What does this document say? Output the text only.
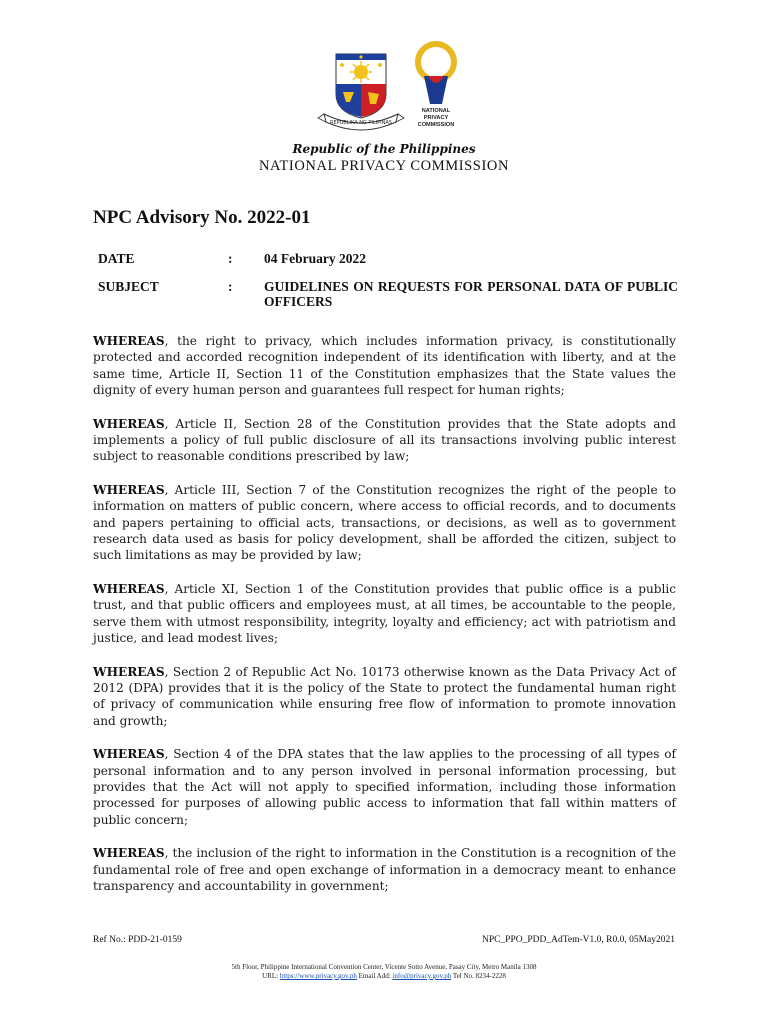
REPUBLIKA NG PILIPINAS
NATIONAL
PRIVACY
COMMISSION
Republic of the Philippines
NATIONAL PRIVACY COMMISSION
NPC Advisory No. 2022-01
DATE	: 04 February 2022
SUBJECT	: GUIDELINES ON REQUESTS FOR PERSONAL DATA OF PUBLIC OFFICERS

WHEREAS, the right to privacy, which includes information privacy, is constitutionally protected and accorded recognition independent of its identification with liberty, and at the same time, Article II, Section 11 of the Constitution emphasizes that the State values the dignity of every human person and guarantees full respect for human rights;

WHEREAS, Article II, Section 28 of the Constitution provides that the State adopts and implements a policy of full public disclosure of all its transactions involving public interest subject to reasonable conditions prescribed by law;

WHEREAS, Article III, Section 7 of the Constitution recognizes the right of the people to information on matters of public concern, where access to official records, and to documents and papers pertaining to official acts, transactions, or decisions, as well as to government research data used as basis for policy development, shall be afforded the citizen, subject to such limitations as may be provided by law;

WHEREAS, Article XI, Section 1 of the Constitution provides that public office is a public trust, and that public officers and employees must, at all times, be accountable to the people, serve them with utmost responsibility, integrity, loyalty and efficiency; act with patriotism and justice, and lead modest lives;

WHEREAS, Section 2 of Republic Act No. 10173 otherwise known as the Data Privacy Act of 2012 (DPA) provides that it is the policy of the State to protect the fundamental human right of privacy of communication while ensuring free flow of information to promote innovation and growth;

WHEREAS, Section 4 of the DPA states that the law applies to the processing of all types of personal information and to any person involved in personal information processing, but provides that the Act will not apply to specified information, including those information processed for purposes of allowing public access to information that fall within matters of public concern;

WHEREAS, the inclusion of the right to information in the Constitution is a recognition of the fundamental role of free and open exchange of information in a democracy meant to enhance transparency and accountability in government;

Ref No.: PDD-21-0159	NPC_PPO_PDD_AdTem-V1.0, R0.0, 05May2021
5th Floor, Philippine International Convention Center, Vicente Sotto Avenue, Pasay City, Metro Manila 1308
URL: https://www.privacy.gov.ph Email Add: info@privacy.gov.ph Tel No. 8234-2228
